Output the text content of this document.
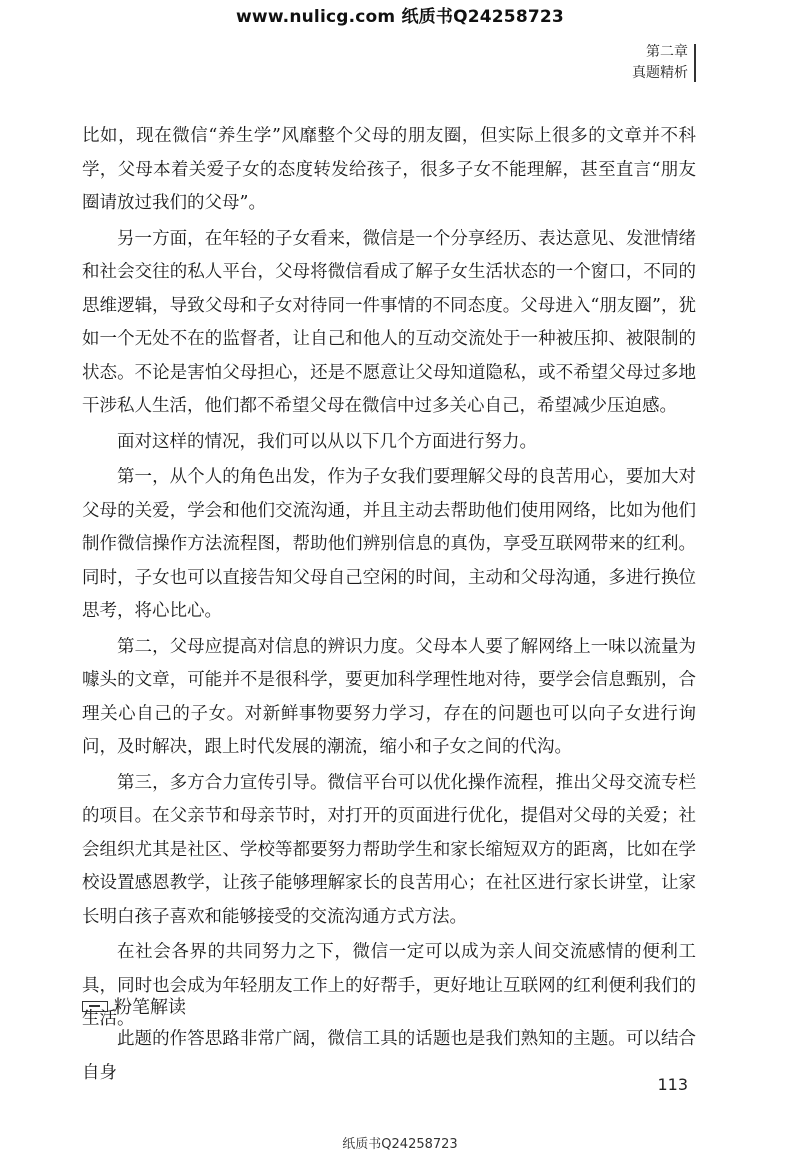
www.nulicg.com 纸质书Q24258723
第二章
真题精析

比如，现在微信“养生学”风靡整个父母的朋友圈，但实际上很多的文章并不科学，父母本着关爱子女的态度转发给孩子，很多子女不能理解，甚至直言“朋友圈请放过我们的父母”。

另一方面，在年轻的子女看来，微信是一个分享经历、表达意见、发泄情绪和社会交往的私人平台，父母将微信看成了解子女生活状态的一个窗口，不同的思维逻辑，导致父母和子女对待同一件事情的不同态度。父母进入“朋友圈”，犹如一个无处不在的监督者，让自己和他人的互动交流处于一种被压抑、被限制的状态。不论是害怕父母担心，还是不愿意让父母知道隐私，或不希望父母过多地干涉私人生活，他们都不希望父母在微信中过多关心自己，希望减少压迫感。

面对这样的情况，我们可以从以下几个方面进行努力。

第一，从个人的角色出发，作为子女我们要理解父母的良苦用心，要加大对父母的关爱，学会和他们交流沟通，并且主动去帮助他们使用网络，比如为他们制作微信操作方法流程图，帮助他们辨别信息的真伪，享受互联网带来的红利。同时，子女也可以直接告知父母自己空闲的时间，主动和父母沟通，多进行换位思考，将心比心。

第二，父母应提高对信息的辨识力度。父母本人要了解网络上一味以流量为噱头的文章，可能并不是很科学，要更加科学理性地对待，要学会信息甄别，合理关心自己的子女。对新鲜事物要努力学习，存在的问题也可以向子女进行询问，及时解决，跟上时代发展的潮流，缩小和子女之间的代沟。

第三，多方合力宣传引导。微信平台可以优化操作流程，推出父母交流专栏的项目。在父亲节和母亲节时，对打开的页面进行优化，提倡对父母的关爱；社会组织尤其是社区、学校等都要努力帮助学生和家长缩短双方的距离，比如在学校设置感恩教学，让孩子能够理解家长的良苦用心；在社区进行家长讲堂，让家长明白孩子喜欢和能够接受的交流沟通方式方法。

在社会各界的共同努力之下，微信一定可以成为亲人间交流感情的便利工具，同时也会成为年轻朋友工作上的好帮手，更好地让互联网的红利便利我们的生活。

粉笔解读

此题的作答思路非常广阔，微信工具的话题也是我们熟知的主题。可以结合自身

113
纸质书Q24258723
